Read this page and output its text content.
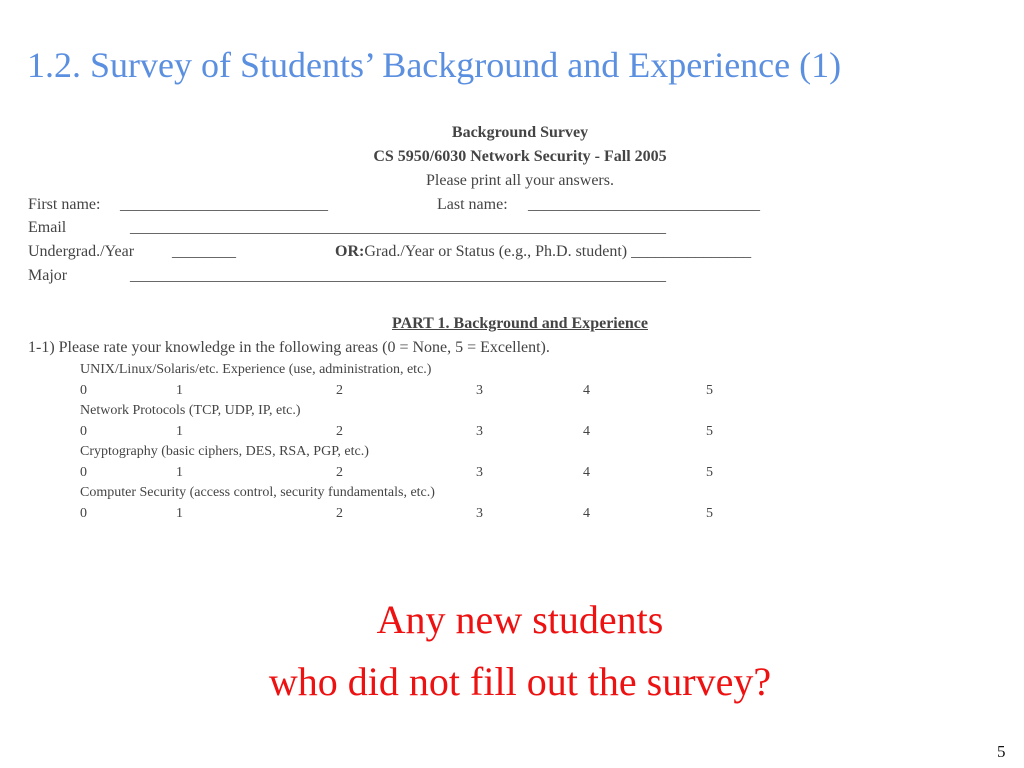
1.2. Survey of Students’ Background and Experience (1)
Background Survey
CS 5950/6030 Network Security - Fall 2005
Please print all your answers.
First name: __________________________	Last name: _____________________________
Email	___________________________________________________________________
Undergrad./Year ________	OR:Grad./Year or Status (e.g., Ph.D. student) _______________
Major	___________________________________________________________________
PART 1. Background and Experience
1-1) Please rate your knowledge in the following areas (0 = None, 5 = Excellent).
UNIX/Linux/Solaris/etc. Experience (use, administration, etc.)
0	1	2	3	4	5
Network Protocols (TCP, UDP, IP, etc.)
0	1	2	3	4	5
Cryptography (basic ciphers, DES, RSA, PGP, etc.)
0	1	2	3	4	5
Computer Security (access control, security fundamentals, etc.)
0	1	2	3	4	5
Any new students
who did not fill out the survey?
5
